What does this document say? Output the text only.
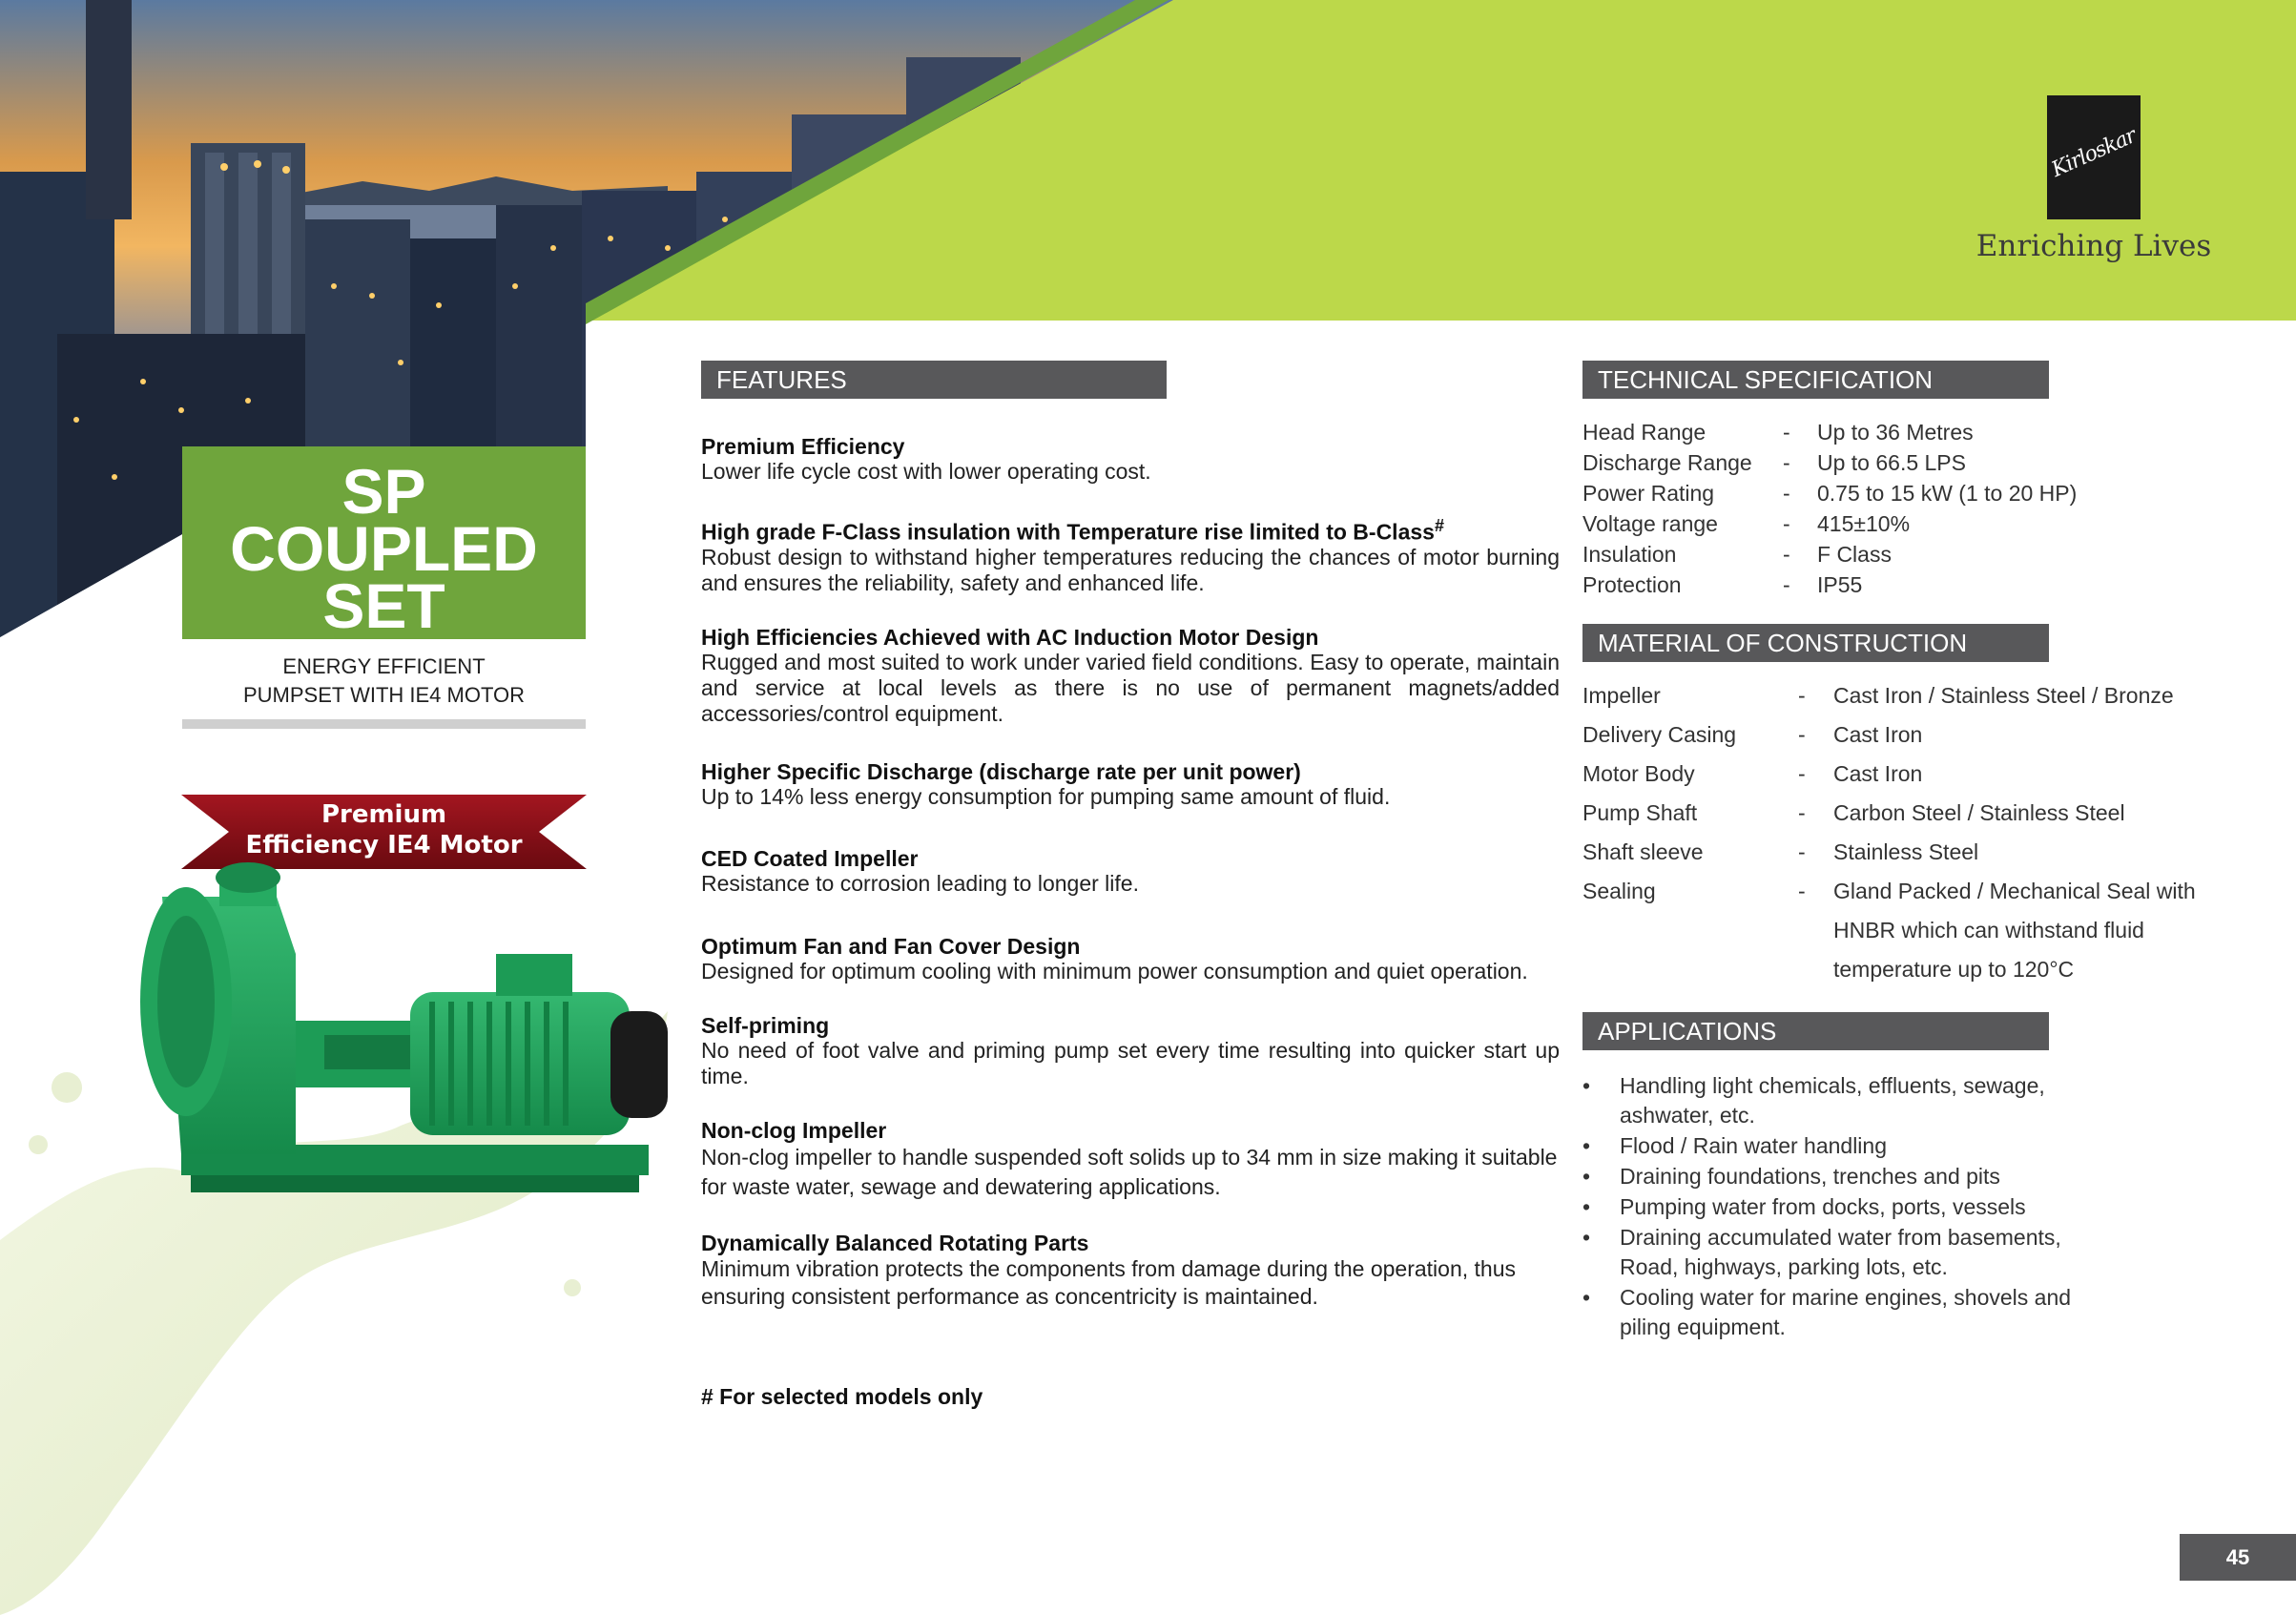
Kirloskar
Enriching Lives
SP
COUPLED
SET
ENERGY EFFICIENT
PUMPSET WITH IE4 MOTOR
Premium
Efficiency IE4 Motor
FEATURES
Premium Efficiency
Lower life cycle cost with lower operating cost.
High grade F-Class insulation with Temperature rise limited to B-Class#
Robust design to withstand higher temperatures reducing the chances of motor burning and ensures the reliability, safety and enhanced life.
High Efficiencies Achieved with AC Induction Motor Design
Rugged and most suited to work under varied field conditions. Easy to operate, maintain and service at local levels as there is no use of permanent magnets/added accessories/control equipment.
Higher Specific Discharge (discharge rate per unit power)
Up to 14% less energy consumption for pumping same amount of fluid.
CED Coated Impeller
Resistance to corrosion leading to longer life.
Optimum Fan and Fan Cover Design
Designed for optimum cooling with minimum power consumption and quiet operation.
Self-priming
No need of foot valve and priming pump set every time resulting into quicker start up time.
Non-clog Impeller
Non-clog impeller to handle suspended soft solids up to 34 mm in size making it suitable for waste water, sewage and dewatering applications.
Dynamically Balanced Rotating Parts
Minimum vibration protects the components from damage during the operation, thus ensuring consistent performance as concentricity is maintained.
# For selected models only
TECHNICAL SPECIFICATION
Head Range	-	Up to 36 Metres
Discharge Range	-	Up to 66.5 LPS
Power Rating	-	0.75 to 15 kW (1 to 20 HP)
Voltage range	-	415±10%
Insulation	-	F Class
Protection	-	IP55
MATERIAL OF CONSTRUCTION
Impeller	-	Cast Iron / Stainless Steel / Bronze
Delivery Casing	-	Cast Iron
Motor Body	-	Cast Iron
Pump Shaft	-	Carbon Steel / Stainless Steel
Shaft sleeve	-	Stainless Steel
Sealing	-	Gland Packed / Mechanical Seal with HNBR which can withstand fluid temperature up to 120°C
APPLICATIONS
• Handling light chemicals, effluents, sewage, ashwater, etc.
• Flood / Rain water handling
• Draining foundations, trenches and pits
• Pumping water from docks, ports, vessels
• Draining accumulated water from basements, Road, highways, parking lots, etc.
• Cooling water for marine engines, shovels and piling equipment.
45
